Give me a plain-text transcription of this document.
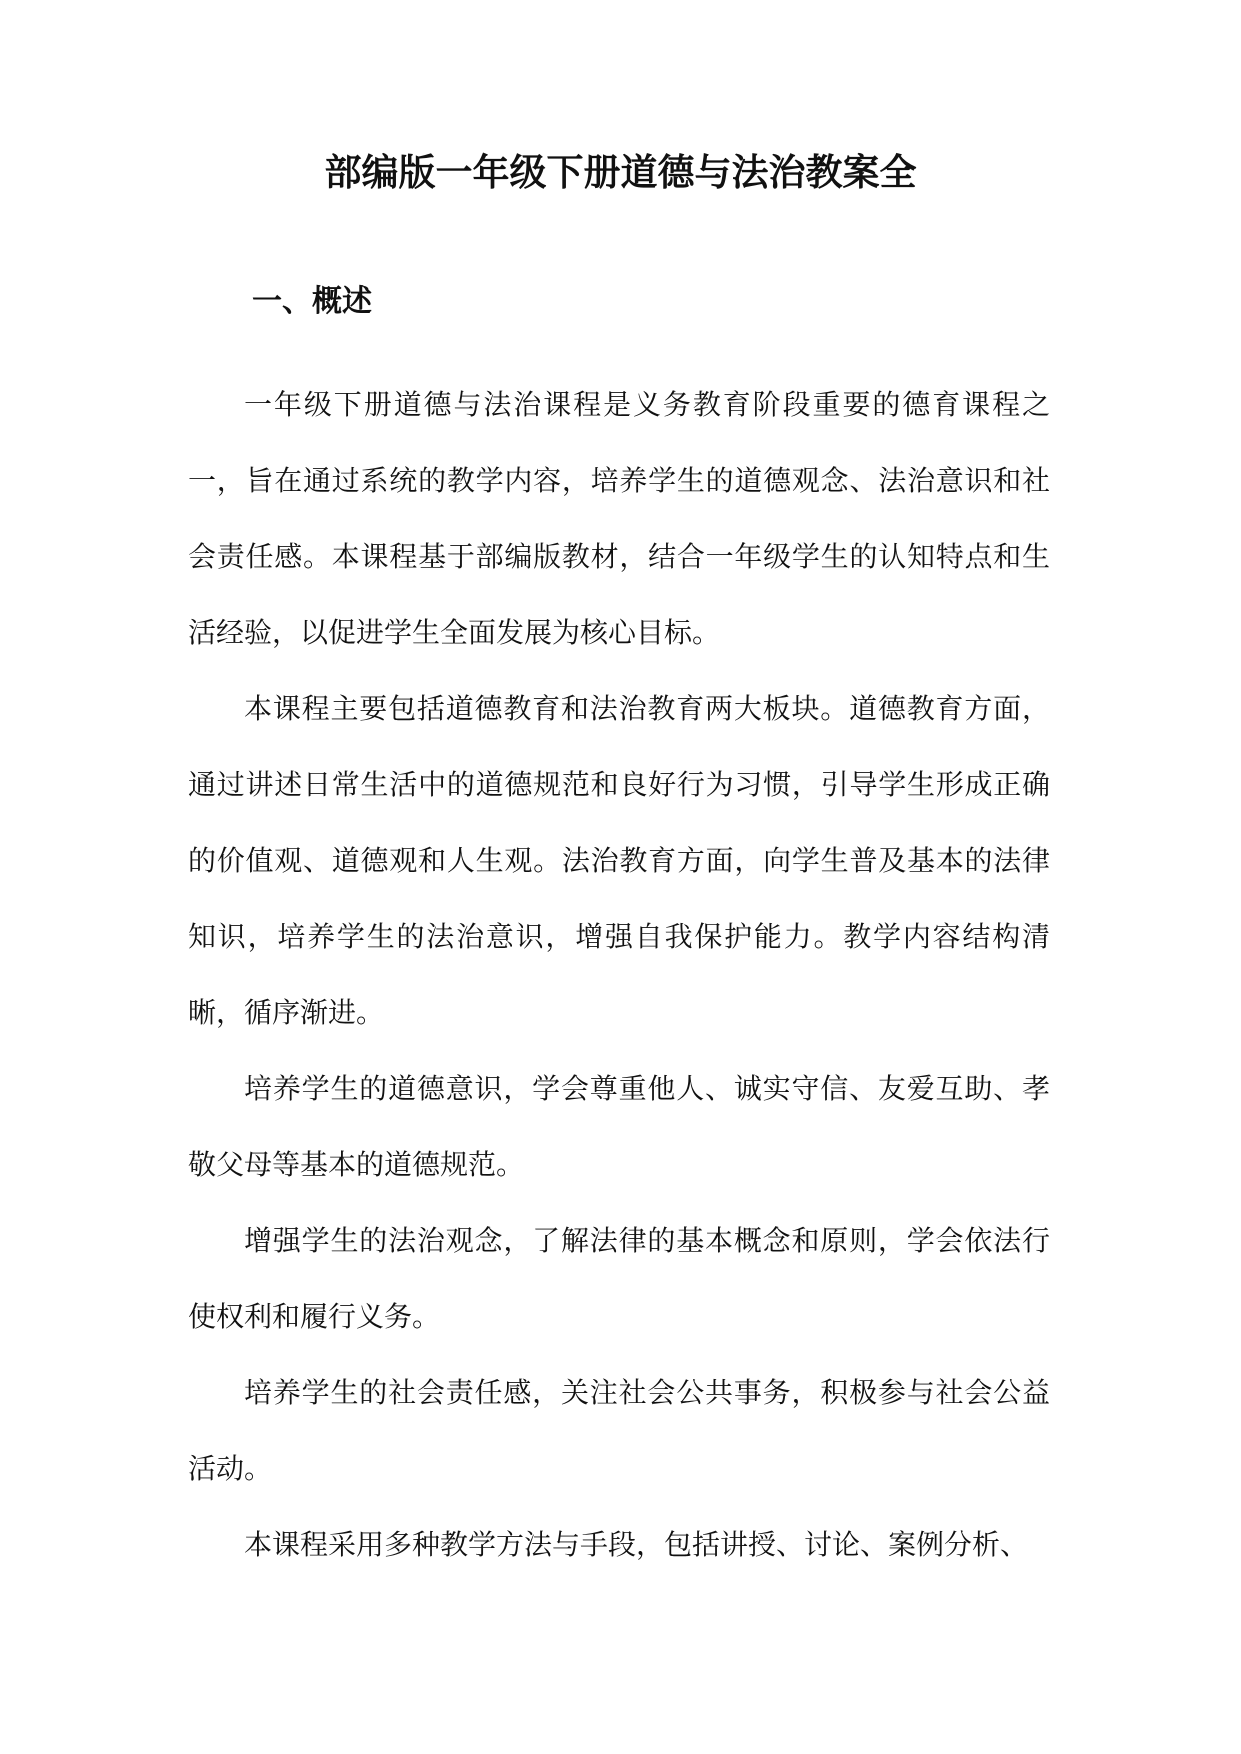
部编版一年级下册道德与法治教案全
一、概述

一年级下册道德与法治课程是义务教育阶段重要的德育课程之一，旨在通过系统的教学内容，培养学生的道德观念、法治意识和社会责任感。本课程基于部编版教材，结合一年级学生的认知特点和生活经验，以促进学生全面发展为核心目标。

本课程主要包括道德教育和法治教育两大板块。道德教育方面，通过讲述日常生活中的道德规范和良好行为习惯，引导学生形成正确的价值观、道德观和人生观。法治教育方面，向学生普及基本的法律知识，培养学生的法治意识，增强自我保护能力。教学内容结构清晰，循序渐进。

培养学生的道德意识，学会尊重他人、诚实守信、友爱互助、孝敬父母等基本的道德规范。

增强学生的法治观念，了解法律的基本概念和原则，学会依法行使权利和履行义务。

培养学生的社会责任感，关注社会公共事务，积极参与社会公益活动。

本课程采用多种教学方法与手段，包括讲授、讨论、案例分析、
